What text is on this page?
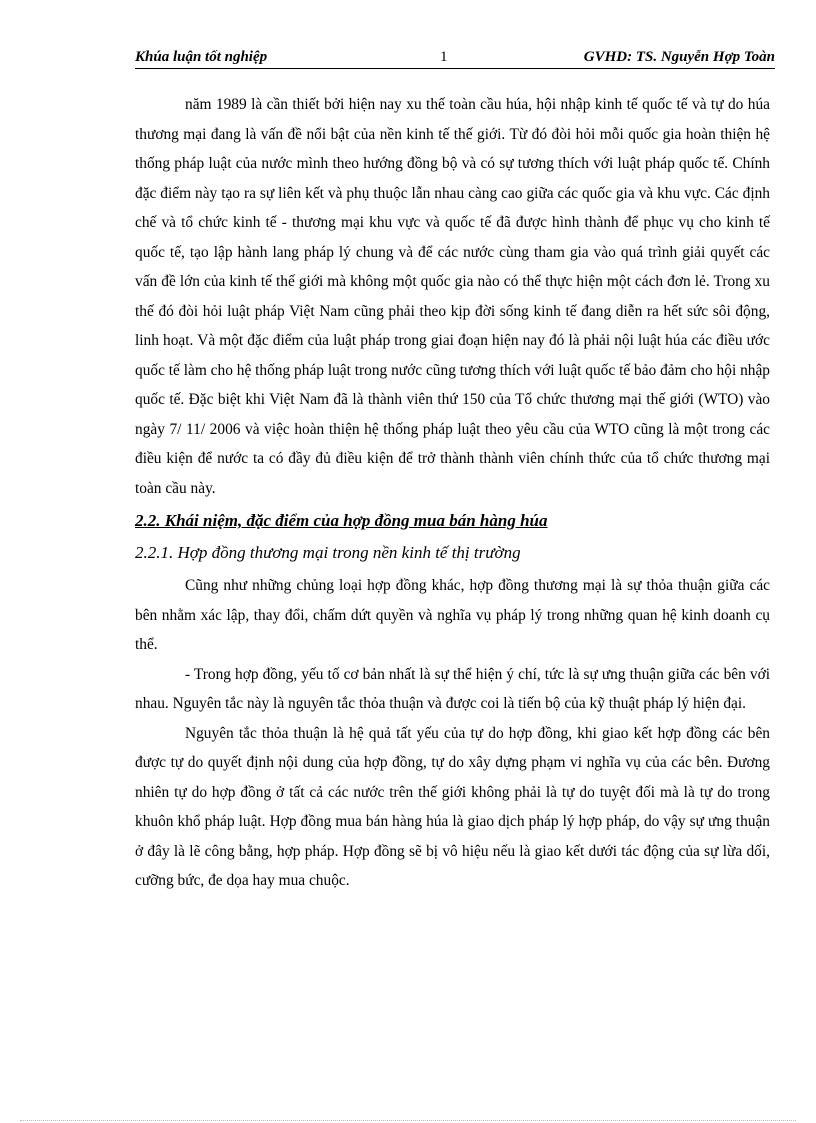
Khúa luận tốt nghiệp	1	GVHD: TS. Nguyễn Hợp Toàn

năm 1989 là cần thiết bởi hiện nay xu thế toàn cầu húa, hội nhập kinh tế quốc tế và tự do húa thương mại đang là vấn đề nổi bật của nền kinh tế thế giới. Từ đó đòi hỏi mỗi quốc gia hoàn thiện hệ thống pháp luật của nước mình theo hướng đồng bộ và có sự tương thích với luật pháp quốc tế. Chính đặc điểm này tạo ra sự liên kết và phụ thuộc lẫn nhau càng cao giữa các quốc gia và khu vực. Các định chế và tổ chức kinh tế - thương mại khu vực và quốc tế đã được hình thành để phục vụ cho kinh tế quốc tế, tạo lập hành lang pháp lý chung và để các nước cùng tham gia vào quá trình giải quyết các vấn đề lớn của kinh tế thế giới mà không một quốc gia nào có thể thực hiện một cách đơn lẻ. Trong xu thế đó đòi hỏi luật pháp Việt Nam cũng phải theo kịp đời sống kinh tế đang diễn ra hết sức sôi động, linh hoạt. Và một đặc điểm của luật pháp trong giai đoạn hiện nay đó là phải nội luật húa các điều ước quốc tế làm cho hệ thống pháp luật trong nước cũng tương thích với luật quốc tế bảo đảm cho hội nhập quốc tế. Đặc biệt khi Việt Nam đã là thành viên thứ 150 của Tổ chức thương mại thế giới (WTO) vào ngày 7/ 11/ 2006 và việc hoàn thiện hệ thống pháp luật theo yêu cầu của WTO cũng là một trong các điều kiện để nước ta có đầy đủ điều kiện để trở thành thành viên chính thức của tổ chức thương mại toàn cầu này.

2.2. Khái niệm, đặc điểm của hợp đồng mua bán hàng húa

2.2.1. Hợp đồng thương mại trong nền kinh tế thị trường

Cũng như những chủng loại hợp đồng khác, hợp đồng thương mại là sự thỏa thuận giữa các bên nhằm xác lập, thay đổi, chấm dứt quyền và nghĩa vụ pháp lý trong những quan hệ kinh doanh cụ thể.

- Trong hợp đồng, yếu tố cơ bản nhất là sự thể hiện ý chí, tức là sự ưng thuận giữa các bên với nhau. Nguyên tắc này là nguyên tắc thỏa thuận và được coi là tiến bộ của kỹ thuật pháp lý hiện đại.

Nguyên tắc thỏa thuận là hệ quả tất yếu của tự do hợp đồng, khi giao kết hợp đồng các bên được tự do quyết định nội dung của hợp đồng, tự do xây dựng phạm vi nghĩa vụ của các bên. Đương nhiên tự do hợp đồng ở tất cả các nước trên thế giới không phải là tự do tuyệt đối mà là tự do trong khuôn khổ pháp luật. Hợp đồng mua bán hàng húa là giao dịch pháp lý hợp pháp, do vậy sự ưng thuận ở đây là lẽ công bằng, hợp pháp. Hợp đồng sẽ bị vô hiệu nếu là giao kết dưới tác động của sự lừa dối, cưỡng bức, đe dọa hay mua chuộc.
